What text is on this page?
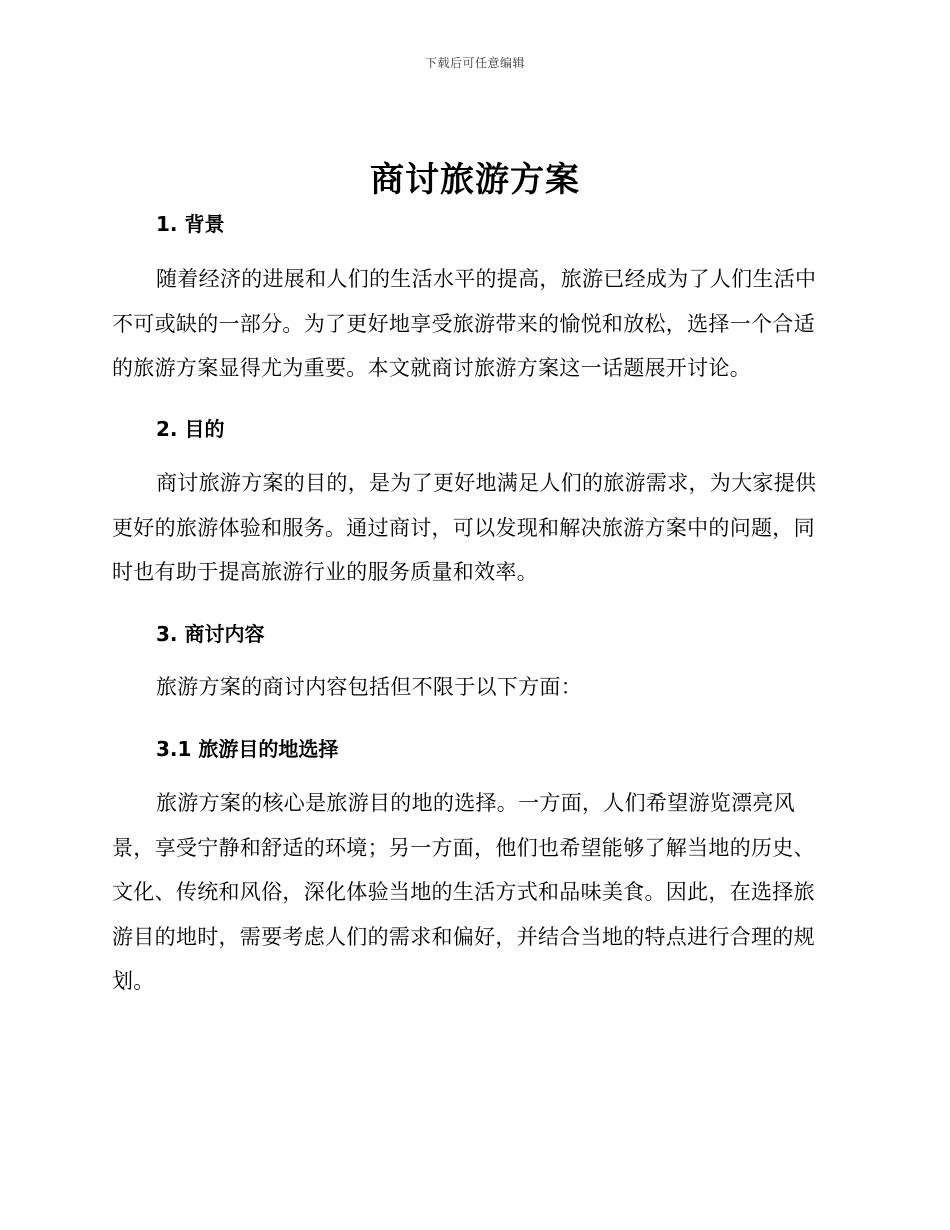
下载后可任意编辑
商讨旅游方案
1. 背景

随着经济的进展和人们的生活水平的提高，旅游已经成为了人们生活中不可或缺的一部分。为了更好地享受旅游带来的愉悦和放松，选择一个合适的旅游方案显得尤为重要。本文就商讨旅游方案这一话题展开讨论。

2. 目的

商讨旅游方案的目的，是为了更好地满足人们的旅游需求，为大家提供更好的旅游体验和服务。通过商讨，可以发现和解决旅游方案中的问题，同时也有助于提高旅游行业的服务质量和效率。

3. 商讨内容

旅游方案的商讨内容包括但不限于以下方面：

3.1 旅游目的地选择

旅游方案的核心是旅游目的地的选择。一方面，人们希望游览漂亮风景，享受宁静和舒适的环境；另一方面，他们也希望能够了解当地的历史、文化、传统和风俗，深化体验当地的生活方式和品味美食。因此，在选择旅游目的地时，需要考虑人们的需求和偏好，并结合当地的特点进行合理的规划。
